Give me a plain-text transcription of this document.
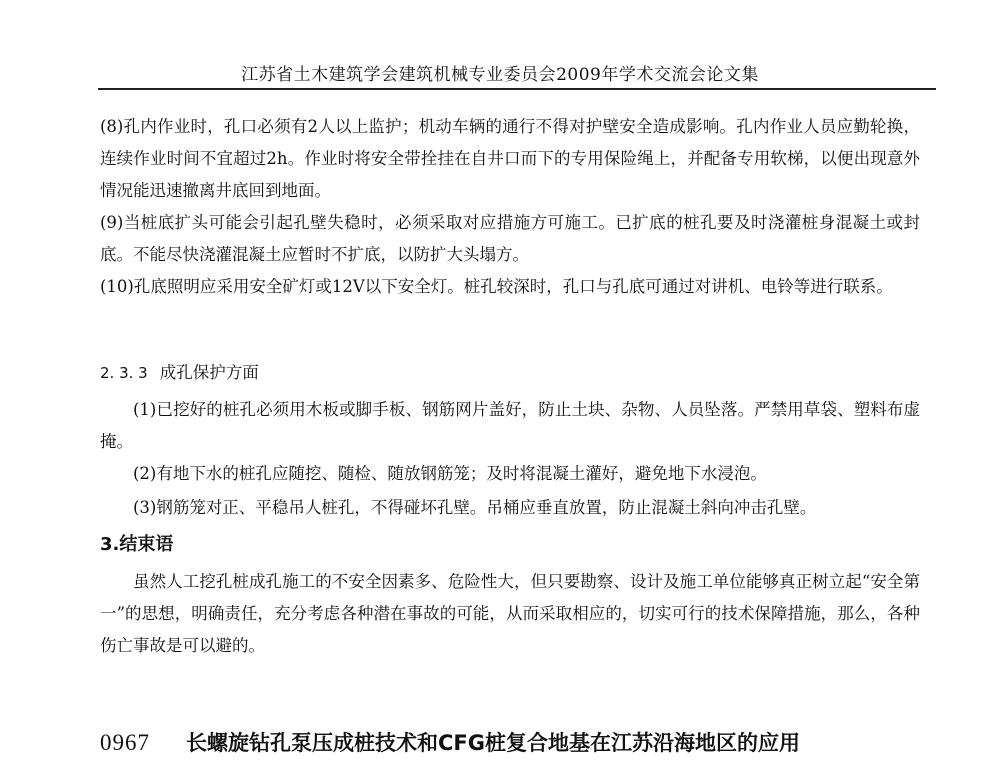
江苏省土木建筑学会建筑机械专业委员会2009年学术交流会论文集

(8)孔内作业时，孔口必须有2人以上监护；机动车辆的通行不得对护壁安全造成影响。孔内作业人员应勤轮换，连续作业时间不宜超过2h。作业时将安全带拴挂在自井口而下的专用保险绳上，并配备专用软梯，以便出现意外情况能迅速撤离井底回到地面。

(9)当桩底扩头可能会引起孔壁失稳时，必须采取对应措施方可施工。已扩底的桩孔要及时浇灌桩身混凝土或封底。不能尽快浇灌混凝土应暂时不扩底，以防扩大头塌方。

(10)孔底照明应采用安全矿灯或12V以下安全灯。桩孔较深时，孔口与孔底可通过对讲机、电铃等进行联系。

2. 3. 3 成孔保护方面

(1)已挖好的桩孔必须用木板或脚手板、钢筋网片盖好，防止土块、杂物、人员坠落。严禁用草袋、塑料布虚掩。

(2)有地下水的桩孔应随挖、随检、随放钢筋笼；及时将混凝土灌好，避免地下水浸泡。

(3)钢筋笼对正、平稳吊人桩孔，不得碰坏孔壁。吊桶应垂直放置，防止混凝土斜向冲击孔壁。

3.结束语

虽然人工挖孔桩成孔施工的不安全因素多、危险性大，但只要勘察、设计及施工单位能够真正树立起“安全第一”的思想，明确责任，充分考虑各种潜在事故的可能，从而采取相应的，切实可行的技术保障措施，那么，各种伤亡事故是可以避的。

0967 长螺旋钻孔泵压成桩技术和CFG桩复合地基在江苏沿海地区的应用
